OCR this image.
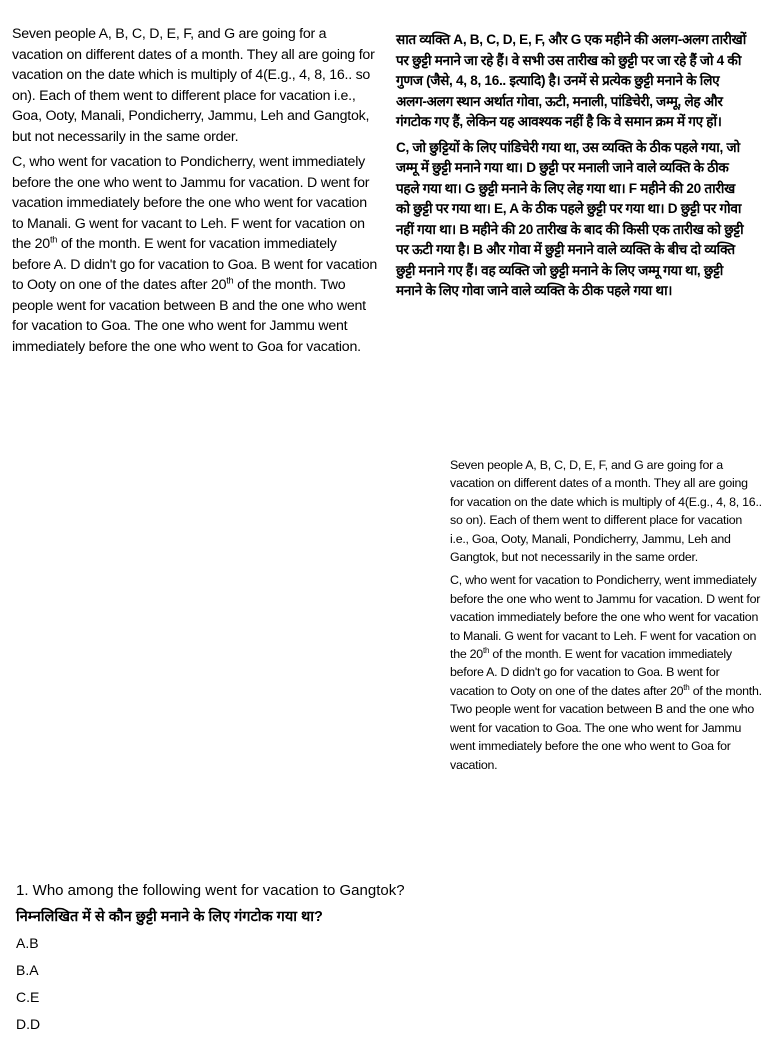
Seven people A, B, C, D, E, F, and G are going for a vacation on different dates of a month. They all are going for vacation on the date which is multiply of 4(E.g., 4, 8, 16.. so on). Each of them went to different place for vacation i.e., Goa, Ooty, Manali, Pondicherry, Jammu, Leh and Gangtok, but not necessarily in the same order.

C, who went for vacation to Pondicherry, went immediately before the one who went to Jammu for vacation. D went for vacation immediately before the one who went for vacation to Manali. G went for vacant to Leh. F went for vacation on the 20th of the month. E went for vacation immediately before A. D didn't go for vacation to Goa. B went for vacation to Ooty on one of the dates after 20th of the month. Two people went for vacation between B and the one who went for vacation to Goa. The one who went for Jammu went immediately before the one who went to Goa for vacation.

सात व्यक्ति A, B, C, D, E, F, और G एक महीने की अलग-अलग तारीखों पर छुट्टी मनाने जा रहे हैं। वे सभी उस तारीख को छुट्टी पर जा रहे हैं जो 4 की गुणज (जैसे, 4, 8, 16.. इत्यादि) है। उनमें से प्रत्येक छुट्टी मनाने के लिए अलग-अलग स्थान अर्थात गोवा, ऊटी, मनाली, पांडिचेरी, जम्मू, लेह और गंगटोक गए हैं, लेकिन यह आवश्यक नहीं है कि वे समान क्रम में गए हों।

C, जो छुट्टियों के लिए पांडिचेरी गया था, उस व्यक्ति के ठीक पहले गया, जो जम्मू में छुट्टी मनाने गया था। D छुट्टी पर मनाली जाने वाले व्यक्ति के ठीक पहले गया था। G छुट्टी मनाने के लिए लेह गया था। F महीने की 20 तारीख को छुट्टी पर गया था। E, A के ठीक पहले छुट्टी पर गया था। D छुट्टी पर गोवा नहीं गया था। B महीने की 20 तारीख के बाद की किसी एक तारीख को छुट्टी पर ऊटी गया है। B और गोवा में छुट्टी मनाने वाले व्यक्ति के बीच दो व्यक्ति छुट्टी मनाने गए हैं। वह व्यक्ति जो छुट्टी मनाने के लिए जम्मू गया था, छुट्टी मनाने के लिए गोवा जाने वाले व्यक्ति के ठीक पहले गया था।

Seven people A, B, C, D, E, F, and G are going for a vacation on different dates of a month. They all are going for vacation on the date which is multiply of 4(E.g., 4, 8, 16.. so on). Each of them went to different place for vacation i.e., Goa, Ooty, Manali, Pondicherry, Jammu, Leh and Gangtok, but not necessarily in the same order.

C, who went for vacation to Pondicherry, went immediately before the one who went to Jammu for vacation. D went for vacation immediately before the one who went for vacation to Manali. G went for vacant to Leh. F went for vacation on the 20th of the month. E went for vacation immediately before A. D didn't go for vacation to Goa. B went for vacation to Ooty on one of the dates after 20th of the month. Two people went for vacation between B and the one who went for vacation to Goa. The one who went for Jammu went immediately before the one who went to Goa for vacation.

1. Who among the following went for vacation to Gangtok?
निम्नलिखित में से कौन छुट्टी मनाने के लिए गंगटोक गया था?
A.B
B.A
C.E
D.D
